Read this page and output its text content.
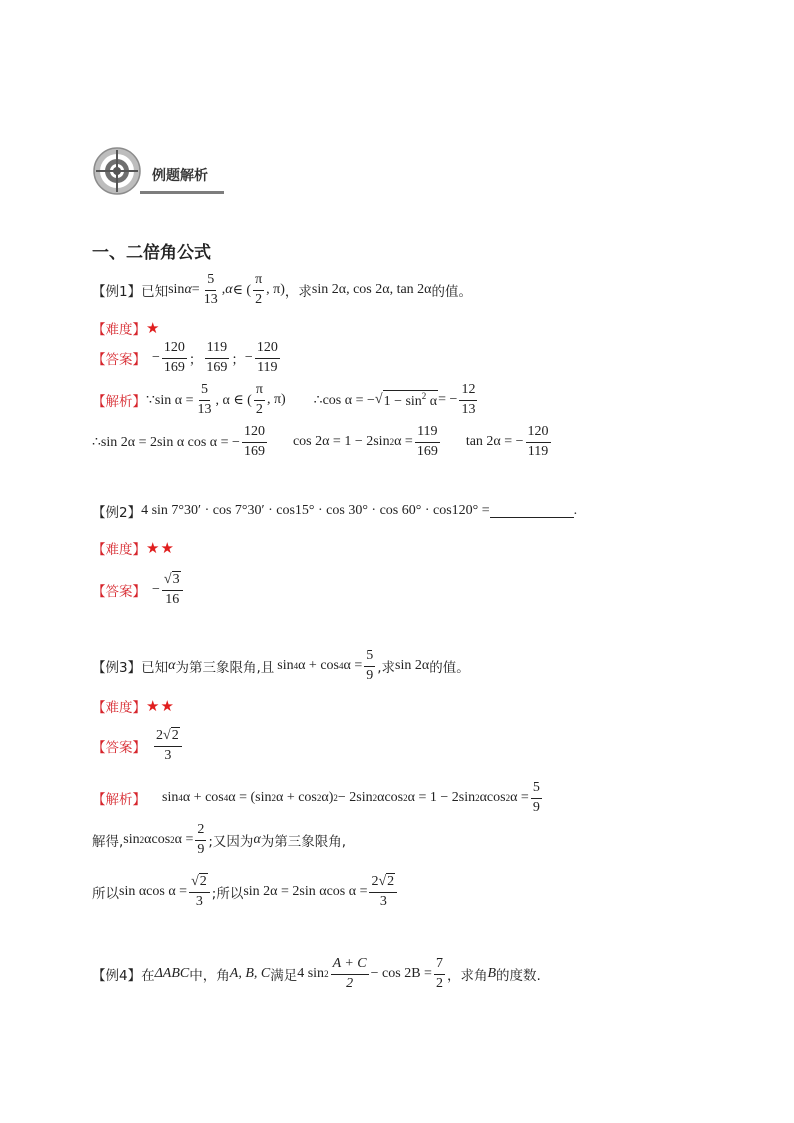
例题解析
一、二倍角公式
【例1】 已知 $\sin \alpha = \frac{5}{13}$ , α ∈ ( $\frac{\pi}{2}$ , π) ，求 sin 2α, cos 2α, tan 2α 的值。
【难度】 ★
【答案】 − $\frac{120}{169}$ ； $\frac{119}{169}$ ； − $\frac{120}{119}$
【解析】 ∵sin $\alpha = \frac{5}{13}$ , α ∈ ( $\frac{\pi}{2}$ , π) ∴cos α = − √ $1 - \sin^2 \alpha$ = − $\frac{12}{13}$
∴sin 2α = 2sin α cos α = − $\frac{120}{169}$ cos 2α = 1 − 2sin 2 $\alpha = \frac{119}{169}$ tan 2α = − $\frac{120}{119}$
【例2】 4 sin 7°30′ · cos 7°30′ · cos15° · cos 30° · cos 60° · cos120° =	.
【难度】 ★★
【答案】 − $\frac{√3}{16}$
【例3】 已知 α 为第三象限角,且 sin 4 α + cos 4 $\alpha = \frac{5}{9}$ ,求 sin 2α 的值。
【难度】 ★★
【答案】 $\frac{2√2}{3}$
【解析】 sin 4 α + cos 4 α = (sin 2 α + cos 2 α) 2 − 2sin 2 αcos 2 α = 1 − 2sin 2 αcos 2 $\alpha = \frac{5}{9}$
解得, sin 2 αcos 2 $\alpha = \frac{2}{9}$ ;又因为 α 为第三象限角,
所以 sin αcos $\alpha = \frac{√2}{3}$ ;所以 sin 2α = 2sin αcos $\alpha = \frac{2√2}{3}$
【例4】 在 ΔABC 中，角 A, B, C 满足 4 $\sin 2 \frac{A + C}{2} - \cos 2B = \frac{7}{2}$ ，求角 B 的度数.
